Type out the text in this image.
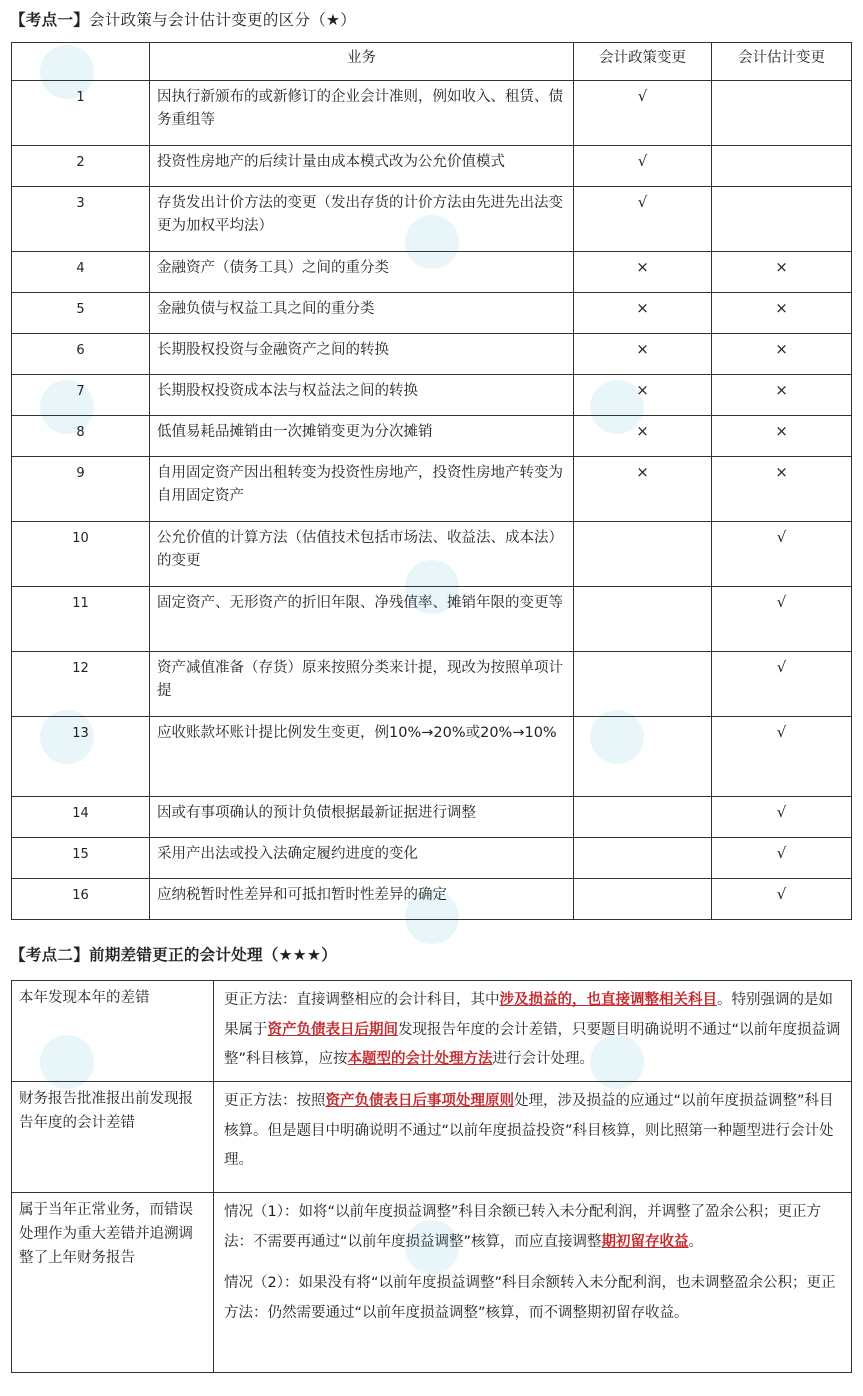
【考点一】会计政策与会计估计变更的区分（★）
	业务	会计政策变更	会计估计变更
1	因执行新颁布的或新修订的企业会计准则，例如收入、租赁、债务重组等	√	
2	投资性房地产的后续计量由成本模式改为公允价值模式	√	
3	存货发出计价方法的变更（发出存货的计价方法由先进先出法变更为加权平均法）	√	
4	金融资产（债务工具）之间的重分类	×	×
5	金融负债与权益工具之间的重分类	×	×
6	长期股权投资与金融资产之间的转换	×	×
7	长期股权投资成本法与权益法之间的转换	×	×
8	低值易耗品摊销由一次摊销变更为分次摊销	×	×
9	自用固定资产因出租转变为投资性房地产，投资性房地产转变为自用固定资产	×	×
10	公允价值的计算方法（估值技术包括市场法、收益法、成本法）的变更		√
11	固定资产、无形资产的折旧年限、净残值率、摊销年限的变更等		√
12	资产减值准备（存货）原来按照分类来计提，现改为按照单项计提		√
13	应收账款坏账计提比例发生变更，例10%→20%或20%→10%		√
14	因或有事项确认的预计负债根据最新证据进行调整		√
15	采用产出法或投入法确定履约进度的变化		√
16	应纳税暂时性差异和可抵扣暂时性差异的确定		√
【考点二】前期差错更正的会计处理（★★★）
本年发现本年的差错	更正方法：直接调整相应的会计科目，其中涉及损益的，也直接调整相关科目。特别强调的是如果属于资产负债表日后期间发现报告年度的会计差错，只要题目明确说明不通过“以前年度损益调整”科目核算，应按本题型的会计处理方法进行会计处理。

财务报告批准报出前发现报告年度的会计差错	更正方法：按照资产负债表日后事项处理原则处理，涉及损益的应通过“以前年度损益调整”科目核算。但是题目中明确说明不通过“以前年度损益投资”科目核算，则比照第一种题型进行会计处理。

属于当年正常业务，而错误处理作为重大差错并追溯调整了上年财务报告	情况（1）：如将“以前年度损益调整”科目余额已转入未分配利润，并调整了盈余公积；更正方法：不需要再通过“以前年度损益调整”核算，而应直接调整期初留存收益。

情况（2）：如果没有将“以前年度损益调整”科目余额转入未分配利润，也未调整盈余公积；更正方法：仍然需要通过“以前年度损益调整”核算，而不调整期初留存收益。
